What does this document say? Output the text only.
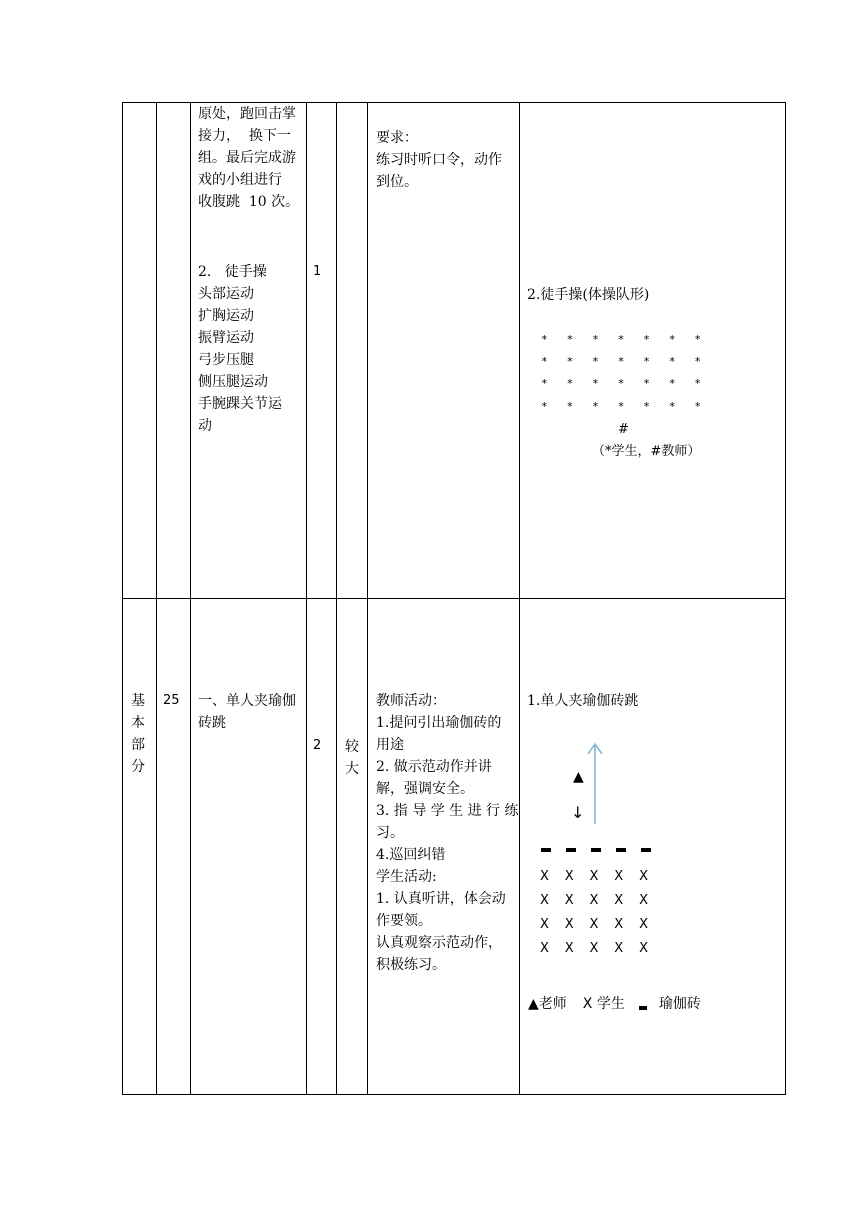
原处，跑回击掌
接力，  换下一
组。最后完成游
戏的小组进行
收腹跳  10 次。
要求：
练习时听口令，动作
到位。
2.   徒手操
头部运动
扩胸运动
振臂运动
弓步压腿
侧压腿运动
手腕踝关节运
动
1
2.徒手操(体操队形)
* * * * * * *
* * * * * * *
* * * * * * *
* * * * * * *
#
（*学生，#教师）
基
本
部
分
25 一、单人夹瑜伽
砖跳
2 较
大
教师活动：
1.提问引出瑜伽砖的
用途
2. 做示范动作并讲
解，强调安全。
3. 指 导 学 生 进 行 练
习。
4.巡回纠错
学生活动:
1. 认真听讲，体会动
作要领。
认真观察示范动作，
积极练习。
1.单人夹瑜伽砖跳
▲
↓
X X X X X
X X X X X
X X X X X
X X X X X
▲老师 X 学生 瑜伽砖
